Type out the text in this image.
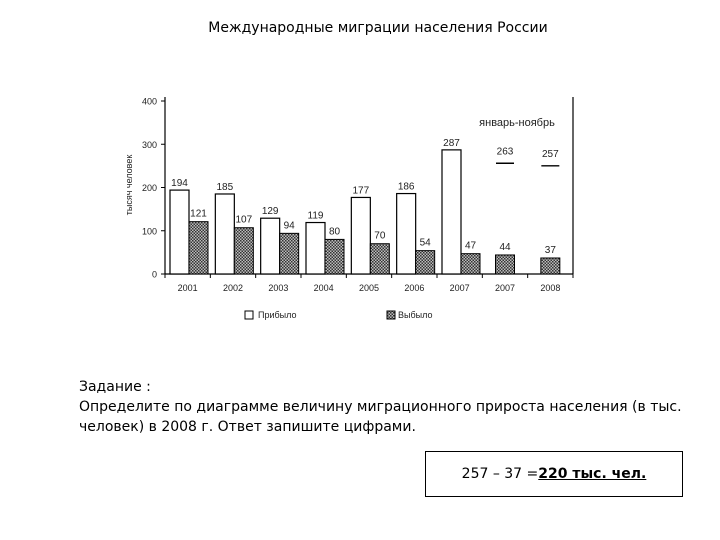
Международные миграции населения России
0
100
200
300
400
тысяч человек
2001	2002	2003	2004	2005	2006	2007	2007	2008
194
121
185
107
129
94
119
80
177
70
186
54
287
47 44	37
263	257
январь-ноябрь
Прибыло	Выбыло
Задание :
Определите по диаграмме величину миграционного прироста населения (в тыс. человек) в 2008 г. Ответ запишите цифрами.
257 – 37 = 220 тыс. чел.
